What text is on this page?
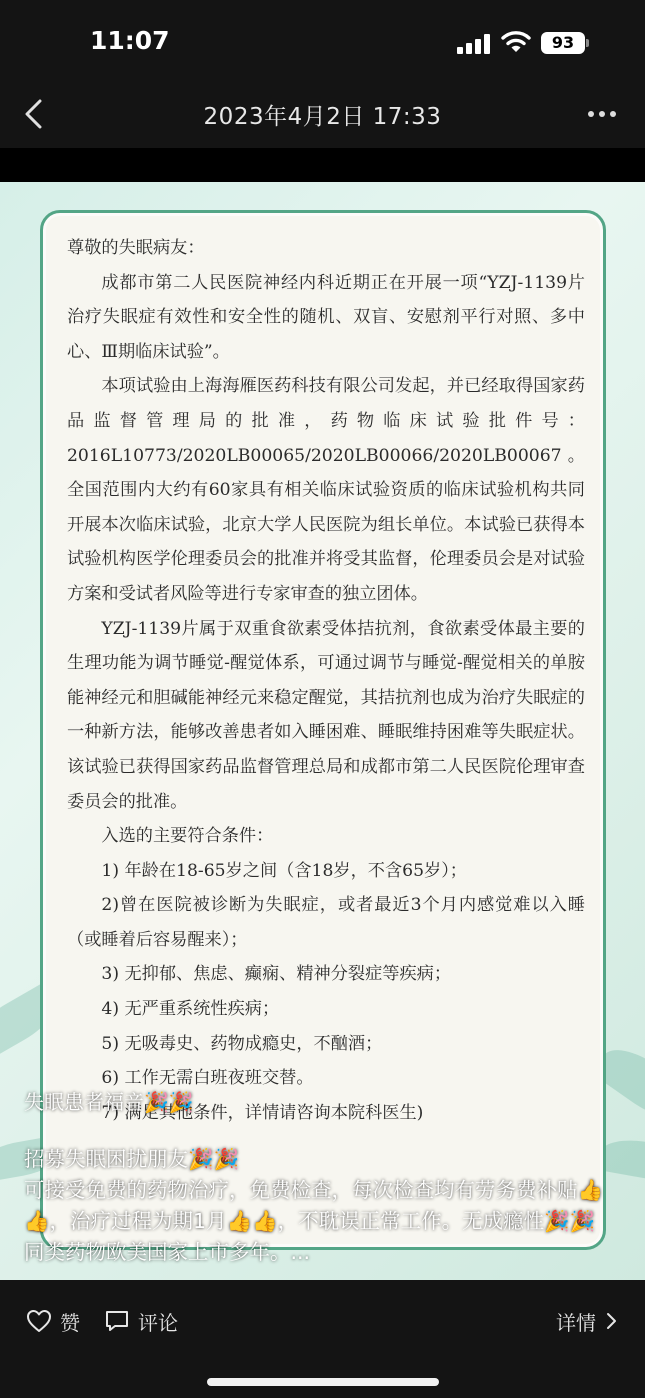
11:07	93
2023年4月2日 17:33

尊敬的失眠病友：

成都市第二人民医院神经内科近期正在开展一项“YZJ-1139片治疗失眠症有效性和安全性的随机、双盲、安慰剂平行对照、多中心、Ⅲ期临床试验”。

本项试验由上海海雁医药科技有限公司发起，并已经取得国家药品监督管理局的批准，药物临床试验批件号：2016L10773/2020LB00065/2020LB00066/2020LB00067。全国范围内大约有60家具有相关临床试验资质的临床试验机构共同开展本次临床试验，北京大学人民医院为组长单位。本试验已获得本试验机构医学伦理委员会的批准并将受其监督，伦理委员会是对试验方案和受试者风险等进行专家审查的独立团体。

YZJ-1139片属于双重食欲素受体拮抗剂，食欲素受体最主要的生理功能为调节睡觉-醒觉体系，可通过调节与睡觉-醒觉相关的单胺能神经元和胆碱能神经元来稳定醒觉，其拮抗剂也成为治疗失眠症的一种新方法，能够改善患者如入睡困难、睡眠维持困难等失眠症状。该试验已获得国家药品监督管理总局和成都市第二人民医院伦理审查委员会的批准。

入选的主要符合条件：

1) 年龄在18-65岁之间（含18岁，不含65岁）；

2)曾在医院被诊断为失眠症，或者最近3个月内感觉难以入睡（或睡着后容易醒来）；

3) 无抑郁、焦虑、癫痫、精神分裂症等疾病；

4) 无严重系统性疾病；

5) 无吸毒史、药物成瘾史，不酗酒；

6) 工作无需白班夜班交替。

7) 满足其他条件，详情请咨询本院科医生)

失眠患者福音🎉🎉

招募失眠困扰朋友🎉🎉

可接受免费的药物治疗，免费检查，每次检查均有劳务费补贴👍👍，治疗过程为期1月👍👍，不耽误正常工作。无成瘾性🎉🎉同类药物欧美国家上市多年。...

赞	评论	详情
